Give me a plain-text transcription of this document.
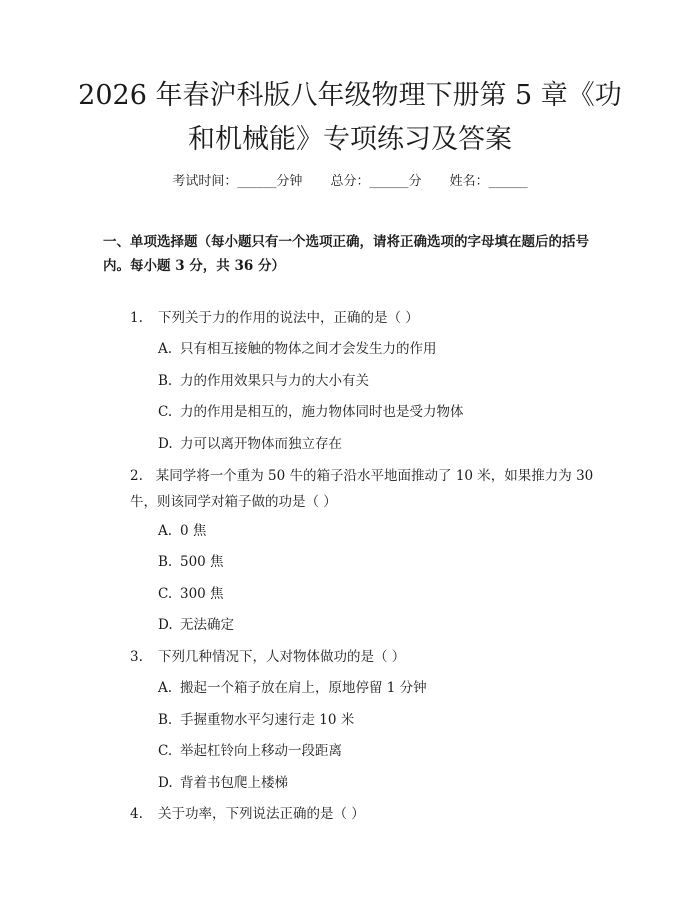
2026 年春沪科版八年级物理下册第 5 章《功
和机械能》专项练习及答案
考试时间：______分钟 总分：______分 姓名：______
一、单项选择题（每小题只有一个选项正确，请将正确选项的字母填在题后的括号内。每小题 3 分，共 36 分）
1. 下列关于力的作用的说法中，正确的是（ ）
A. 只有相互接触的物体之间才会发生力的作用
B. 力的作用效果只与力的大小有关
C. 力的作用是相互的，施力物体同时也是受力物体
D. 力可以离开物体而独立存在
2. 某同学将一个重为 50 牛的箱子沿水平地面推动了 10 米，如果推力为 30 牛，则该同学对箱子做的功是（ ）
A. 0 焦
B. 500 焦
C. 300 焦
D. 无法确定
3. 下列几种情况下，人对物体做功的是（ ）
A. 搬起一个箱子放在肩上，原地停留 1 分钟
B. 手握重物水平匀速行走 10 米
C. 举起杠铃向上移动一段距离
D. 背着书包爬上楼梯
4. 关于功率，下列说法正确的是（ ）
